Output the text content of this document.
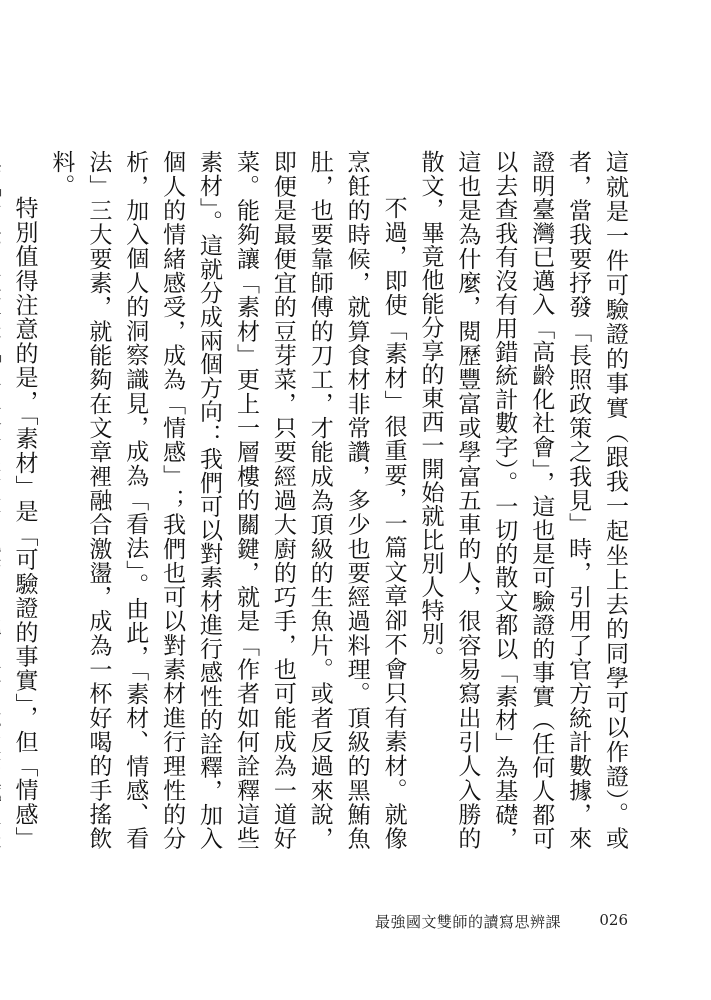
這就是一件可驗證的事實（跟我一起坐上去的同學可以作證）。或者，當我要抒發「長照政策之我見」時，引用了官方統計數據，來證明臺灣已邁入「高齡化社會」，這也是可驗證的事實（任何人都可以去查我有沒有用錯統計數字）。一切的散文都以「素材」為基礎，這也是為什麼，閱歷豐富或學富五車的人，很容易寫出引人入勝的散文，畢竟他能分享的東西一開始就比別人特別。

不過，即使「素材」很重要，一篇文章卻不會只有素材。就像烹飪的時候，就算食材非常讚，多少也要經過料理。頂級的黑鮪魚肚，也要靠師傅的刀工，才能成為頂級的生魚片。或者反過來說，即便是最便宜的豆芽菜，只要經過大廚的巧手，也可能成為一道好菜。能夠讓「素材」更上一層樓的關鍵，就是「作者如何詮釋這些素材」。這就分成兩個方向：我們可以對素材進行感性的詮釋，加入個人的情緒感受，成為「情感」；我們也可以對素材進行理性的分析，加入個人的洞察識見，成為「看法」。由此，「素材、情感、看法」三大要素，就能夠在文章裡融合激盪，成為一杯好喝的手搖飲料。

特別值得注意的是，「素材」是「可驗證的事實」，但「情感」

最強國文雙師的讀寫思辨課	026
